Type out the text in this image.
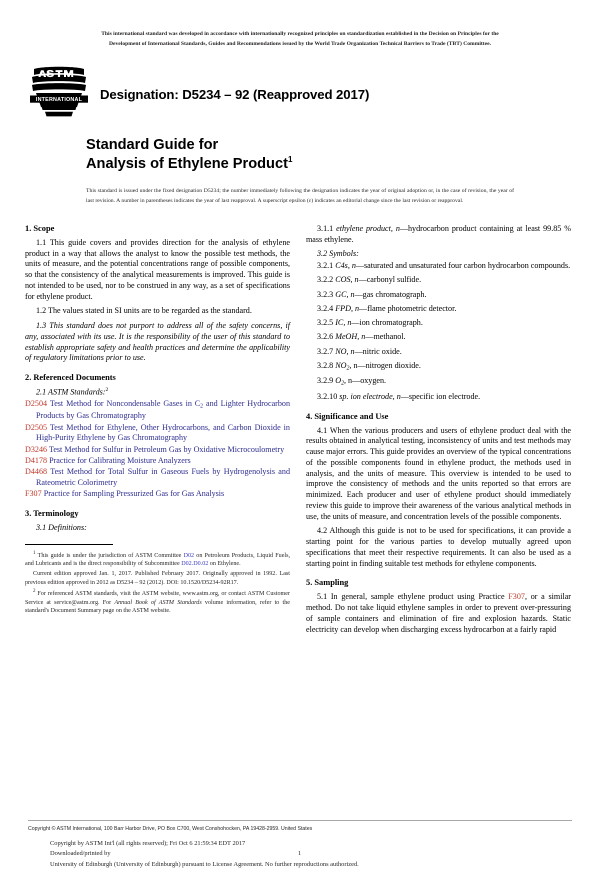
This international standard was developed in accordance with internationally recognized principles on standardization established in the Decision on Principles for the
Development of International Standards, Guides and Recommendations issued by the World Trade Organization Technical Barriers to Trade (TBT) Committee.
INTERNATIONAL Designation: D5234 – 92 (Reapproved 2017)
Standard Guide for
Analysis of Ethylene Product$^1$
This standard is issued under the fixed designation D5234; the number immediately following the designation indicates the year of original adoption or, in the case of revision, the year of last revision. A number in parentheses indicates the year of last reapproval. A superscript epsilon (ε) indicates an editorial change since the last revision or reapproval.
1. Scope

1.1 This guide covers and provides direction for the analysis of ethylene product in a way that allows the analyst to know the possible test methods, the units of measure, and the potential concentrations range of possible components, so that the consistency of the analytical measurements is improved. This guide is not intended to be used, nor to be construed in any way, as a set of specifications for ethylene product.

1.2 The values stated in SI units are to be regarded as the standard.

1.3 This standard does not purport to address all of the safety concerns, if any, associated with its use. It is the responsibility of the user of this standard to establish appropriate safety and health practices and determine the applicability of regulatory limitations prior to use.

2. Referenced Documents
2.1 ASTM Standards:$^2$
D2504 Test Method for Noncondensable Gases in $C_2$ and Lighter Hydrocarbon Products by Gas Chromatography
D2505 Test Method for Ethylene, Other Hydrocarbons, and Carbon Dioxide in High-Purity Ethylene by Gas Chromatography
D3246 Test Method for Sulfur in Petroleum Gas by Oxidative Microcoulometry
D4178 Practice for Calibrating Moisture Analyzers
D4468 Test Method for Total Sulfur in Gaseous Fuels by Hydrogenolysis and Rateometric Colorimetry
F307 Practice for Sampling Pressurized Gas for Gas Analysis
3. Terminology
3.1 Definitions:

$^1$ This guide is under the jurisdiction of ASTM Committee D02 on Petroleum Products, Liquid Fuels, and Lubricants and is the direct responsibility of Subcommittee D02.D0.02 on Ethylene.

Current edition approved Jan. 1, 2017. Published February 2017. Originally approved in 1992. Last previous edition approved in 2012 as D5234 – 92 (2012). DOI: 10.1520/D5234-92R17.

$^2$ For referenced ASTM standards, visit the ASTM website, www.astm.org, or contact ASTM Customer Service at service@astm.org. For Annual Book of ASTM Standards volume information, refer to the standard's Document Summary page on the ASTM website.

3.1.1 ethylene product, n—hydrocarbon product containing at least 99.85 % mass ethylene.

3.2 Symbols:

3.2.1 C4s, n—saturated and unsaturated four carbon hydrocarbon compounds.

3.2.2 COS, n—carbonyl sulfide.

3.2.3 GC, n—gas chromatograph.

3.2.4 FPD, n—flame photometric detector.

3.2.5 IC, n—ion chromatograph.

3.2.6 MeOH, n—methanol.

3.2.7 NO, n—nitric oxide.

3.2.8 $NO_2$, n—nitrogen dioxide.

3.2.9 $O_2$, n—oxygen.

3.2.10 sp. ion electrode, n—specific ion electrode.

4. Significance and Use

4.1 When the various producers and users of ethylene product deal with the results obtained in analytical testing, inconsistency of units and test methods may cause major errors. This guide provides an overview of the typical concentrations of the possible components found in ethylene product, the methods used in analysis, and the units of measure. This overview is intended to be used to improve the consistency of methods and the units reported so that errors are minimized. Each producer and user of ethylene product should immediately review this guide to improve their awareness of the various analytical methods in use, the units of measure, and concentration levels of the possible components.

4.2 Although this guide is not to be used for specifications, it can provide a starting point for the various parties to develop mutually agreed upon specifications that meet their respective requirements. It can also be used as a starting point in finding suitable test methods for ethylene components.

5. Sampling

5.1 In general, sample ethylene product using Practice F307, or a similar method. Do not take liquid ethylene samples in order to prevent over-pressuring of sample containers and elimination of fire and explosion hazards. Static electricity can develop when discharging excess hydrocarbon at a fairly rapid

Copyright © ASTM International, 100 Barr Harbor Drive, PO Box C700, West Conshohocken, PA 19428-2959. United States
Copyright by ASTM Int'l (all rights reserved); Fri Oct 6 21:59:34 EDT 2017
Downloaded/printed by
University of Edinburgh (University of Edinburgh) pursuant to License Agreement. No further reproductions authorized.
1
